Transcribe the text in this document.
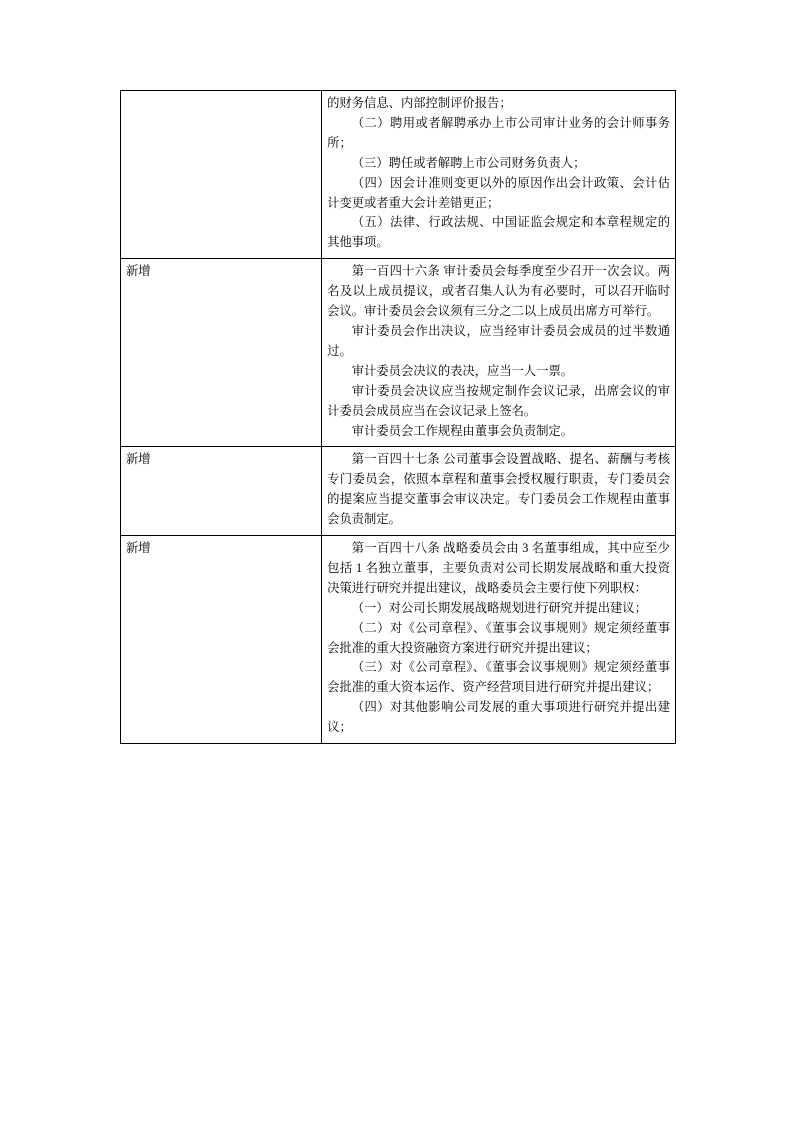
	的财务信息、内部控制评价报告；

（二）聘用或者解聘承办上市公司审计业务的会计师事务所；

（三）聘任或者解聘上市公司财务负责人；

（四）因会计准则变更以外的原因作出会计政策、会计估计变更或者重大会计差错更正；

（五）法律、行政法规、中国证监会规定和本章程规定的其他事项。

新增	第一百四十六条 审计委员会每季度至少召开一次会议。两名及以上成员提议，或者召集人认为有必要时，可以召开临时会议。审计委员会会议须有三分之二以上成员出席方可举行。

审计委员会作出决议，应当经审计委员会成员的过半数通过。

审计委员会决议的表决，应当一人一票。

审计委员会决议应当按规定制作会议记录，出席会议的审计委员会成员应当在会议记录上签名。

审计委员会工作规程由董事会负责制定。

新增	第一百四十七条 公司董事会设置战略、提名、薪酬与考核专门委员会，依照本章程和董事会授权履行职责，专门委员会的提案应当提交董事会审议决定。专门委员会工作规程由董事会负责制定。

新增	第一百四十八条 战略委员会由 3 名董事组成，其中应至少包括 1 名独立董事，主要负责对公司长期发展战略和重大投资决策进行研究并提出建议，战略委员会主要行使下列职权：

（一）对公司长期发展战略规划进行研究并提出建议；

（二）对《公司章程》、《董事会议事规则》规定须经董事会批准的重大投资融资方案进行研究并提出建议；

（三）对《公司章程》、《董事会议事规则》规定须经董事会批准的重大资本运作、资产经营项目进行研究并提出建议；

（四）对其他影响公司发展的重大事项进行研究并提出建议；
